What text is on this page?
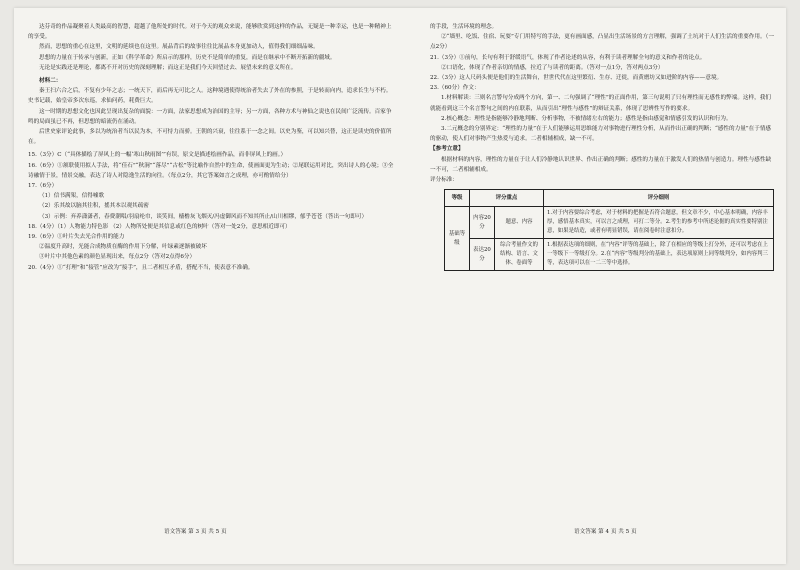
达芬奇的作品凝聚着人类最高的智慧，超越了他所处的时代。对于今天的观众来说，能够欣赏到这样的作品，无疑是一种幸运，也是一种精神上的享受。

然而，思想的重心在这里，文明的延续也在这里。展品背后的故事往往比展品本身更加动人，值得我们细细品味。

思想的力量在于传承与创新，正如《科学革命》所启示的那样，历史不是简单的重复，而是在继承中不断开拓新的疆域。

无论是实践还是理论，都离不开对历史的深刻理解；而这正是我们今天回望过去、展望未来的意义所在。

材料二：

秦王扫六合之后，不复有少年之志；一统天下，而后再无可比之人。这种境遇使得统治者失去了外在的参照，于是转而向内，追求长生与不朽。史书记载，始皇帝多次东巡，求仙问药，耗费巨大。

这一时期的思想文化也因此呈现出复杂的面貌：一方面，法家思想成为治国的主导；另一方面，各种方术与神仙之说也在民间广泛流传。百家争鸣的局面虽已不再，但思想的暗流仍在涌动。

后世史家评论此事，多以为统治者当以民为本，不可恃力而骄。王朝的兴衰，往往系于一念之间。以史为鉴，可以知兴替，这正是读史的价值所在。

15.（3分）C（“具体描绘了屏风上的一幅‘寒山秋雨图’”有误，原文是描述绘画作品，而非屏风上的画。）

16.（6分）①颔联使用拟人手法，将“佳石”“秋涧”“落尽”“古松”等比喻作自然中的生命，使画面更为生动；②尾联运用对比，突出诗人的心境；③全诗融情于景，情景交融，表达了诗人对隐逸生活的向往。（每点2分，其它答案如言之成理，亦可酌情给分）

17.（6分）

（1）信书满架，信得嘘歌

（2）乐其故以脑其往积，搖其本以观其疏密

（3）示例：弃养潇潇者，春费潮唱/羽扇纶巾，谈笑间，樯橹灰飞烟灭/冯虚御风而不知其所止/山川相缪，郁乎苍苍（答出一句即可）

18.（4分）（1）人物能力特色影 （2）人物所处便是其信息或红色的树叶（答对一处2分，意思相近即可）

19.（6分）①叶片失去光合作用的能力

②温度升高时，光能合成物质在酶的作用下分解，叶绿素逐渐被破坏

③叶片中其他色素的颜色显现出来，每点2分（答对2点得6分）

20.（4分）①“打理”和“接管”应改为“接手”，且二者相互矛盾，搭配不当，使表意不准确。

语文答案 第 3 页 共 5 页

的手段，生活环境的理念。

②“墙里、吃饭、住宿、玩耍”专门用特写的手法，更有画面感，凸显出生活场景的方言理解，强调了土坑对于人们生活的重要作用。（一点2分）

21.（3分）①前句，长句有利于舒缓语气，体现了作者论述的从容，有利于读者理解全句的意义和作者的论点。

②口语化，体现了作者亲切的情感，拉近了与读者的距离。（答对一点1分，答对两点3分）

22.（3分）这人尺码头便是他们的生活舞台，世世代代在这里繁衍、生存、迁徙，而黄磨坊又如进阶的内容——意境。

23.（60分）作文：

1.材料解读：三则名言警句分成两个方向，第一、二句强调了“理性”的正面作用，第三句说明了只有理性而无感性的弊端。这样，我们就能看到这三个名言警句之间的内在联系，从而引出“理性与感性”的辩证关系，体现了思辨性写作的要求。

2.核心概念：理性是指能够冷静地判断、分析事物，不被情绪左右的能力；感性是指由感觉和情感引发的认识和行为。

3.二元概念的分别界定：“理性的力量”在于人们能够运用思维能力对事物进行理性分析，从而作出正确的判断；“感性的力量”在于情感的驱动，使人们对事物产生热爱与追求。二者相辅相成，缺一不可。

【参考立意】

根据材料的内容，理性的力量在于让人们冷静地认识世界、作出正确的判断；感性的力量在于激发人们的热情与创造力。理性与感性缺一不可，二者相辅相成。

评分标准：

等级	评分重点		评分细则
基础等级	内容20分	题意、内容	1.对于内容要综合考虑，对于材料的把握是否符合题意，但文章不少，中心基本明确，内容丰厚，感悟基本真实，可以言之成理，可打二等分。2.考生的参考中所述论据的真实性要特别注意，如果是结造，或者有明显错误，请在阅卷时注意扣分。
	表达20分	综合考量作文的结构、语言、文体、卷面等	1.根据表达项的细则，在“内容”评等的基础上，除了在相应的等级上打分外，还可以考虑在上一等级下一等级打分。2.在“内容”等级判分的基础上，表达项原则上同等级判分，如内容判三等，表达项可以在一二三等中选择。
语文答案 第 4 页 共 5 页
